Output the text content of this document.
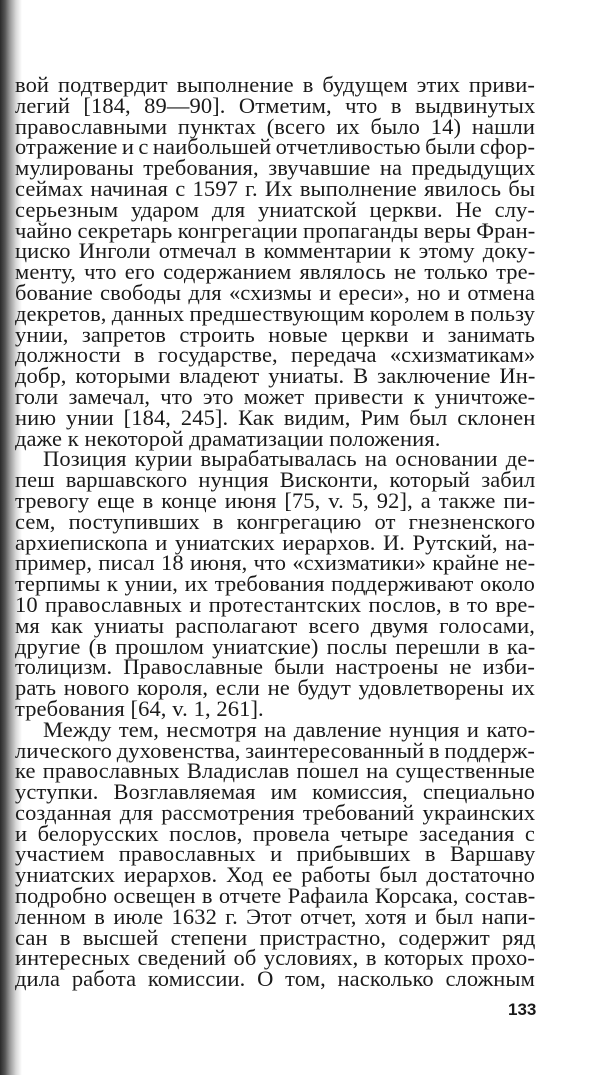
вой подтвердит выполнение в будущем этих приви-
легий [184, 89—90]. Отметим, что в выдвинутых
православными пунктах (всего их было 14) нашли
отражение и с наибольшей отчетливостью были сфор-
мулированы требования, звучавшие на предыдущих
сеймах начиная с 1597 г. Их выполнение явилось бы
серьезным ударом для униатской церкви. Не слу-
чайно секретарь конгрегации пропаганды веры Фран-
циско Инголи отмечал в комментарии к этому доку-
менту, что его содержанием являлось не только тре-
бование свободы для «схизмы и ереси», но и отмена
декретов, данных предшествующим королем в пользу
унии, запретов строить новые церкви и занимать
должности в государстве, передача «схизматикам»
добр, которыми владеют униаты. В заключение Ин-
голи замечал, что это может привести к уничтоже-
нию унии [184, 245]. Как видим, Рим был склонен
даже к некоторой драматизации положения.
Позиция курии вырабатывалась на основании де-
пеш варшавского нунция Висконти, который забил
тревогу еще в конце июня [75, v. 5, 92], а также пи-
сем, поступивших в конгрегацию от гнезненского
архиепископа и униатских иерархов. И. Рутский, на-
пример, писал 18 июня, что «схизматики» крайне не-
терпимы к унии, их требования поддерживают около
10 православных и протестантских послов, в то вре-
мя как униаты располагают всего двумя голосами,
другие (в прошлом униатские) послы перешли в ка-
толицизм. Православные были настроены не изби-
рать нового короля, если не будут удовлетворены их
требования [64, v. 1, 261].
Между тем, несмотря на давление нунция и като-
лического духовенства, заинтересованный в поддерж-
ке православных Владислав пошел на существенные
уступки. Возглавляемая им комиссия, специально
созданная для рассмотрения требований украинских
и белорусских послов, провела четыре заседания с
участием православных и прибывших в Варшаву
униатских иерархов. Ход ее работы был достаточно
подробно освещен в отчете Рафаила Корсака, состав-
ленном в июле 1632 г. Этот отчет, хотя и был напи-
сан в высшей степени пристрастно, содержит ряд
интересных сведений об условиях, в которых прохо-
дила работа комиссии. О том, насколько сложным
133
